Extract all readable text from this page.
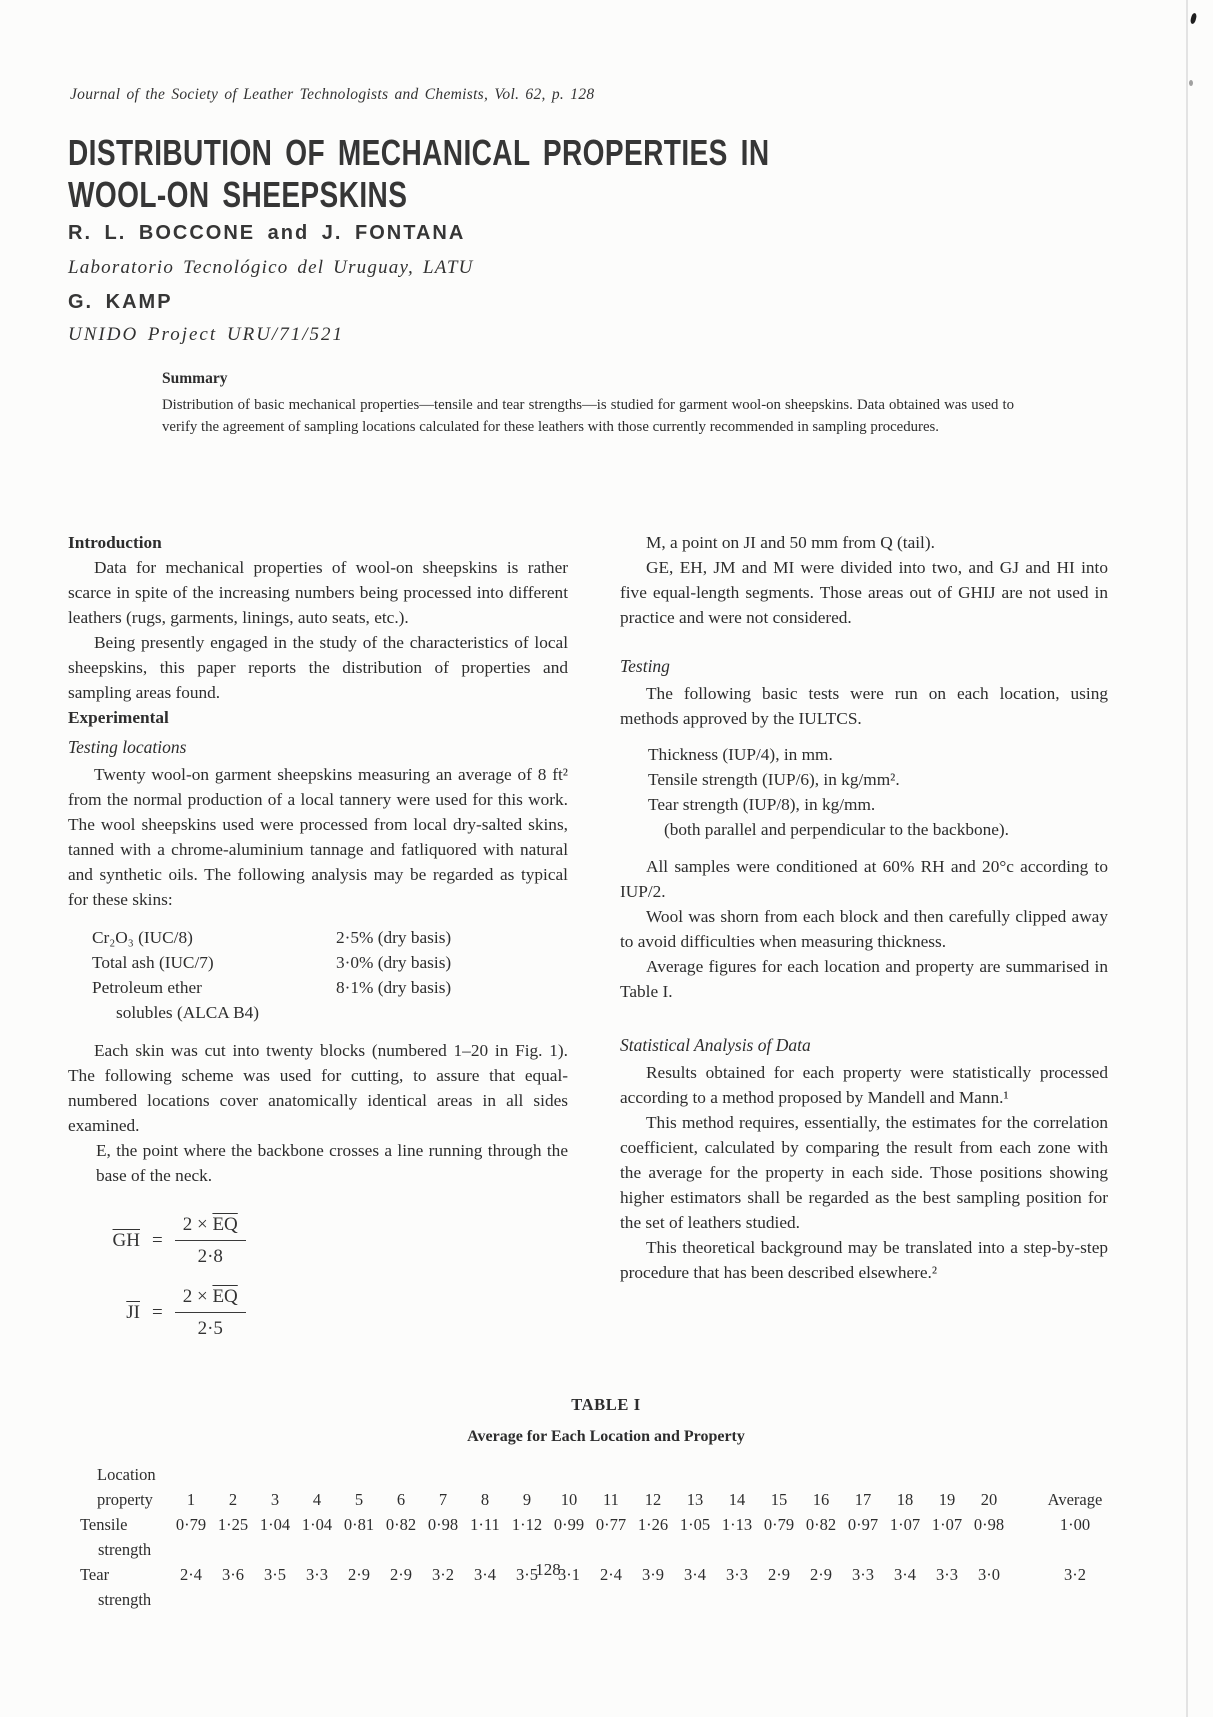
Journal of the Society of Leather Technologists and Chemists, Vol. 62, p. 128
DISTRIBUTION OF MECHANICAL PROPERTIES IN
WOOL-ON SHEEPSKINS
R. L. BOCCONE and J. FONTANA
Laboratorio Tecnológico del Uruguay, LATU
G. KAMP
UNIDO Project URU/71/521
Summary

Distribution of basic mechanical properties—tensile and tear strengths—is studied for garment wool-on sheepskins. Data obtained was used to verify the agreement of sampling locations calculated for these leathers with those currently recommended in sampling procedures.

Introduction

Data for mechanical properties of wool-on sheepskins is rather scarce in spite of the increasing numbers being processed into different leathers (rugs, garments, linings, auto seats, etc.).

Being presently engaged in the study of the characteristics of local sheepskins, this paper reports the distribution of properties and sampling areas found.

Experimental
Testing locations

Twenty wool-on garment sheepskins measuring an average of 8 ft² from the normal production of a local tannery were used for this work. The wool sheepskins used were processed from local dry-salted skins, tanned with a chrome-aluminium tannage and fatliquored with natural and synthetic oils. The following analysis may be regarded as typical for these skins:

Cr₂O₃ (IUC/8)	2·5% (dry basis)
Total ash (IUC/7)	3·0% (dry basis)
Petroleum ether
solubles (ALCA B4)
8·1% (dry basis)

Each skin was cut into twenty blocks (numbered 1–20 in Fig. 1). The following scheme was used for cutting, to assure that equal-numbered locations cover anatomically identical areas in all sides examined.

E, the point where the backbone crosses a line running through the base of the neck.

$\overline{GH} = \frac{2 \times \overline{EQ}}{2\cdot 8}$
$\overline{JI} = \frac{2 \times \overline{EQ}}{2\cdot 5}$

M, a point on JI and 50 mm from Q (tail).

GE, EH, JM and MI were divided into two, and GJ and HI into five equal-length segments. Those areas out of GHIJ are not used in practice and were not considered.

Testing

The following basic tests were run on each location, using methods approved by the IULTCS.

Thickness (IUP/4), in mm.
Tensile strength (IUP/6), in kg/mm².
Tear strength (IUP/8), in kg/mm.
(both parallel and perpendicular to the backbone).

All samples were conditioned at 60% RH and 20°c according to IUP/2.

Wool was shorn from each block and then carefully clipped away to avoid difficulties when measuring thickness.

Average figures for each location and property are summarised in Table I.

Statistical Analysis of Data

Results obtained for each property were statistically processed according to a method proposed by Mandell and Mann.¹

This method requires, essentially, the estimates for the correlation coefficient, calculated by comparing the result from each zone with the average for the property in each side. Those positions showing higher estimators shall be regarded as the best sampling position for the set of leathers studied.

This theoretical background may be translated into a step-by-step procedure that has been described elsewhere.²

TABLE I
Average for Each Location and Property
Location
property	1	2	3	4	5	6	7	8	9	10	11	12	13	14	15	16	17	18	19	20	Average
Tensile
strength
0·79 1·25 1·04 1·04 0·81 0·82 0·98 1·11 1·12 0·99 0·77 1·26 1·05 1·13 0·79 0·82 0·97 1·07 1·07 0·98	1·00
Tear
strength
2·4	3·6	3·5	3·3	2·9	2·9	3·2	3·4	3·5	3·1	2·4	3·9	3·4	3·3	2·9	2·9	3·3	3·4	3·3	3·0	3·2
128
